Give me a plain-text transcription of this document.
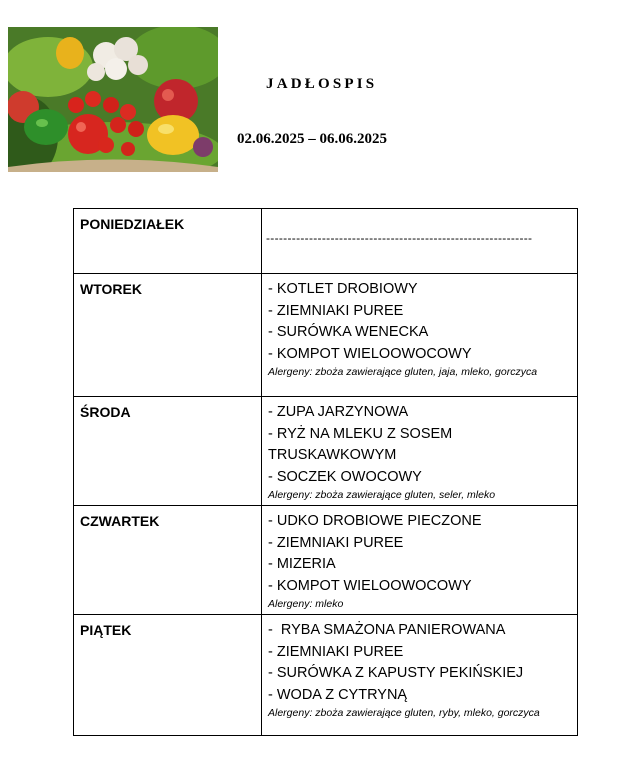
JADŁOSPIS
02.06.2025 – 06.06.2025
PONIEDZIAŁEK	--------------------------------------------------------------

WTOREK	- KOTLET DROBIOWY
- ZIEMNIAKI PUREE
- SURÓWKA WENECKA
- KOMPOT WIELOOWOCOWY
Alergeny: zboża zawierające gluten, jaja, mleko, gorczyca

ŚRODA	- ZUPA JARZYNOWA
- RYŻ NA MLEKU Z SOSEM TRUSKAWKOWYM
- SOCZEK OWOCOWY
Alergeny: zboża zawierające gluten, seler, mleko

CZWARTEK	- UDKO DROBIOWE PIECZONE
- ZIEMNIAKI PUREE
- MIZERIA
- KOMPOT WIELOOWOCOWY
Alergeny: mleko

PIĄTEK	-  RYBA SMAŻONA PANIEROWANA
- ZIEMNIAKI PUREE
- SURÓWKA Z KAPUSTY PEKIŃSKIEJ
- WODA Z CYTRYNĄ
Alergeny: zboża zawierające gluten, ryby, mleko, gorczyca
